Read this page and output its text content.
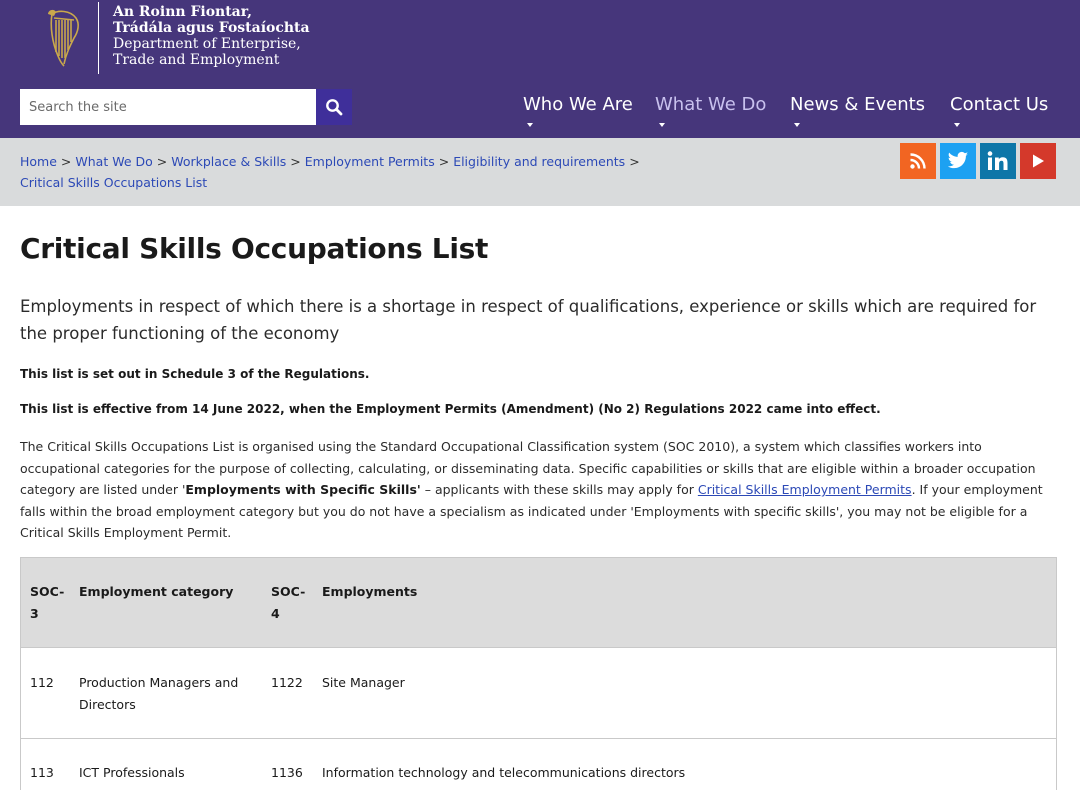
An Roinn Fiontar,
Trádála agus Fostaíochta
Department of Enterprise,
Trade and Employment
Search the site
Who We Are What We Do News & Events Contact Us
Home > What We Do > Workplace & Skills > Employment Permits > Eligibility and requirements >
Critical Skills Occupations List
Critical Skills Occupations List

Employments in respect of which there is a shortage in respect of qualifications, experience or skills which are required for the proper functioning of the economy

This list is set out in Schedule 3 of the Regulations.

This list is effective from 14 June 2022, when the Employment Permits (Amendment) (No 2) Regulations 2022 came into effect.

The Critical Skills Occupations List is organised using the Standard Occupational Classification system (SOC 2010), a system which classifies workers into occupational categories for the purpose of collecting, calculating, or disseminating data. Specific capabilities or skills that are eligible within a broader occupation category are listed under 'Employments with Specific Skills' – applicants with these skills may apply for Critical Skills Employment Permits. If your employment falls within the broad employment category but you do not have a specialism as indicated under 'Employments with specific skills', you may not be eligible for a Critical Skills Employment Permit.

SOC-3
Employment category	SOC-4
Employments
112 Production Managers and Directors
1122 Site Manager
113 ICT Professionals	1136 Information technology and telecommunications directors
